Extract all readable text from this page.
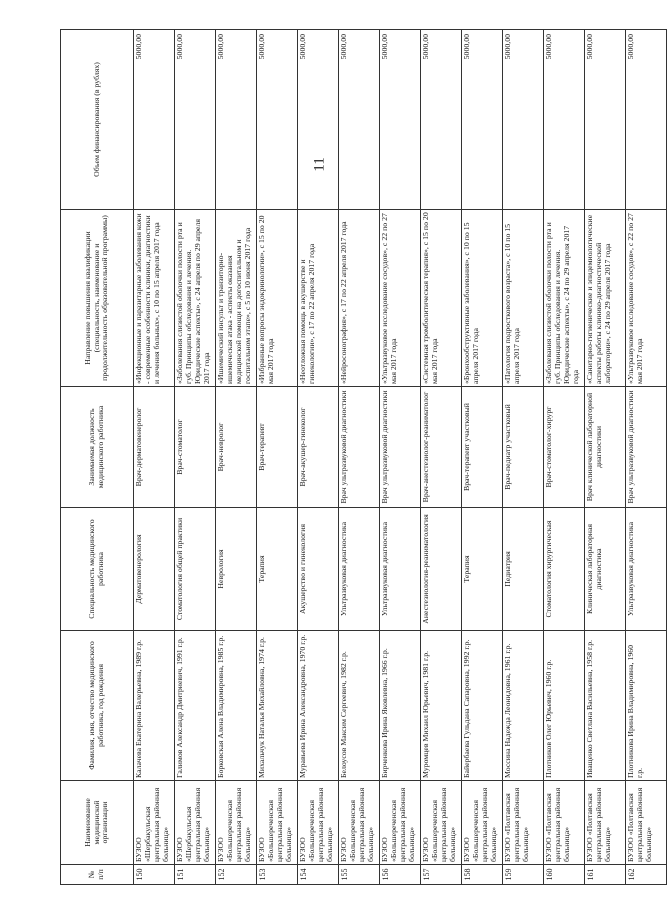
11
№ п/п	Наименование медицинской организации	Фамилия, имя, отчество медицинского работника, год рождения	Специальность медицинского работника	Занимаемая должность медицинского работника	Направление повышения квалификации (специальность, наименование и продолжительность образовательной программы)	Объем финансирования (в рублях)
150	БУЗОО «Шербакульская центральная районная больница»	Калачева Екатерина Валерьевна, 1989 г.р.	Дерматовенерология	Врач-дерматовенеролог	«Инфекционные и паразитарные заболевания кожи - современные особенности клиники, диагностики и лечения больных», с 10 по 15 апреля 2017 года	5000,00
151	БУЗОО «Шербакульская центральная районная больница»	Галимов Александр Дмитриевич, 1991 г.р.	Стоматология общей практики	Врач-стоматолог	«Заболевания слизистой оболочки полости рта и губ. Принципы обследования и лечения. Юридические аспекты», с 24 апреля по 29 апреля 2017 года	5000,00
152	БУЗОО «Большереченская центральная районная больница»	Борковская Алена Владимировна, 1985 г.р.	Неврология	Врач-невролог	«Ишемический инсульт и транзиторно-ишемическая атака - аспекты оказания медицинской помощи на догоспитальном и госпитальном этапе», с 5 по 10 июня 2017 года	5000,00
153	БУЗОО «Большереченская центральная районная больница»	Михальчук Наталья Михайловна, 1974 г.р.	Терапия	Врач-терапевт	«Избранные вопросы эндокринологии», с 15 по 20 мая 2017 года	5000,00
154	БУЗОО «Большереченская центральная районная больница»	Муравьева Ирина Александровна, 1970 г.р.	Акушерство и гинекология	Врач-акушер-гинеколог	«Неотложная помощь в акушерстве и гинекологии», с 17 по 22 апреля 2017 года	5000,00
155	БУЗОО «Большереченская центральная районная больница»	Белоусов Максим Сергеевич, 1982 г.р.	Ультразвуковая диагностика	Врач ультразвуковой диагностики	«Нейросонография», с 17 по 22 апреля 2017 года	5000,00
156	БУЗОО «Большереченская центральная районная больница»	Бирченкова Ирина Яковлевна, 1966 г.р.	Ультразвуковая диагностика	Врач ультразвуковой диагностики	«Ультразвуковое исследование сосудов», с 22 по 27 мая 2017 года	5000,00
157	БУЗОО «Большереченская центральная районная больница»	Муромцев Михаил Юрьевич, 1981 г.р.	Анестезиология-реаниматология	Врач-анестезиолог-реаниматолог	«Системная тромболитическая терапия», с 15 по 20 мая 2017 года	5000,00
158	БУЗОО «Большереченская центральная районная больница»	Байербаева Гульдана Сапаровна, 1992 г.р.	Терапия	Врач-терапевт участковый	«Бронхообструктивные заболевания», с 10 по 15 апреля 2017 года	5000,00
159	БУЗОО «Полтавская центральная районная больница»	Моссина Надежда Леонидовна, 1961 г.р.	Педиатрия	Врач-педиатр участковый	«Патология подросткового возраста», с 10 по 15 апреля 2017 года	5000,00
160	БУЗОО «Полтавская центральная районная больница»	Плотников Олег Юрьевич, 1960 г.р.	Стоматология хирургическая	Врач-стоматолог-хирург	«Заболевания слизистой оболочки полости рта и губ. Принципы обследования и лечения. Юридические аспекты», с 24 по 29 апреля 2017 года	5000,00
161	БУЗОО «Полтавская центральная районная больница»	Иващенко Светлана Васильевна, 1958 г.р.	Клиническая лабораторная диагностика	Врач клинической лабораторной диагностики	«Санитарно-гигиенические и эпидемиологические аспекты работы клинико-диагностической лаборатории», с 24 по 29 апреля 2017 года	5000,00
162	БУЗОО «Полтавская центральная районная больница»	Плотникова Ирина Владимировна, 1960 г.р.	Ультразвуковая диагностика	Врач ультразвуковой диагностики	«Ультразвуковое исследование сосудов», с 22 по 27 мая 2017 года	5000,00
